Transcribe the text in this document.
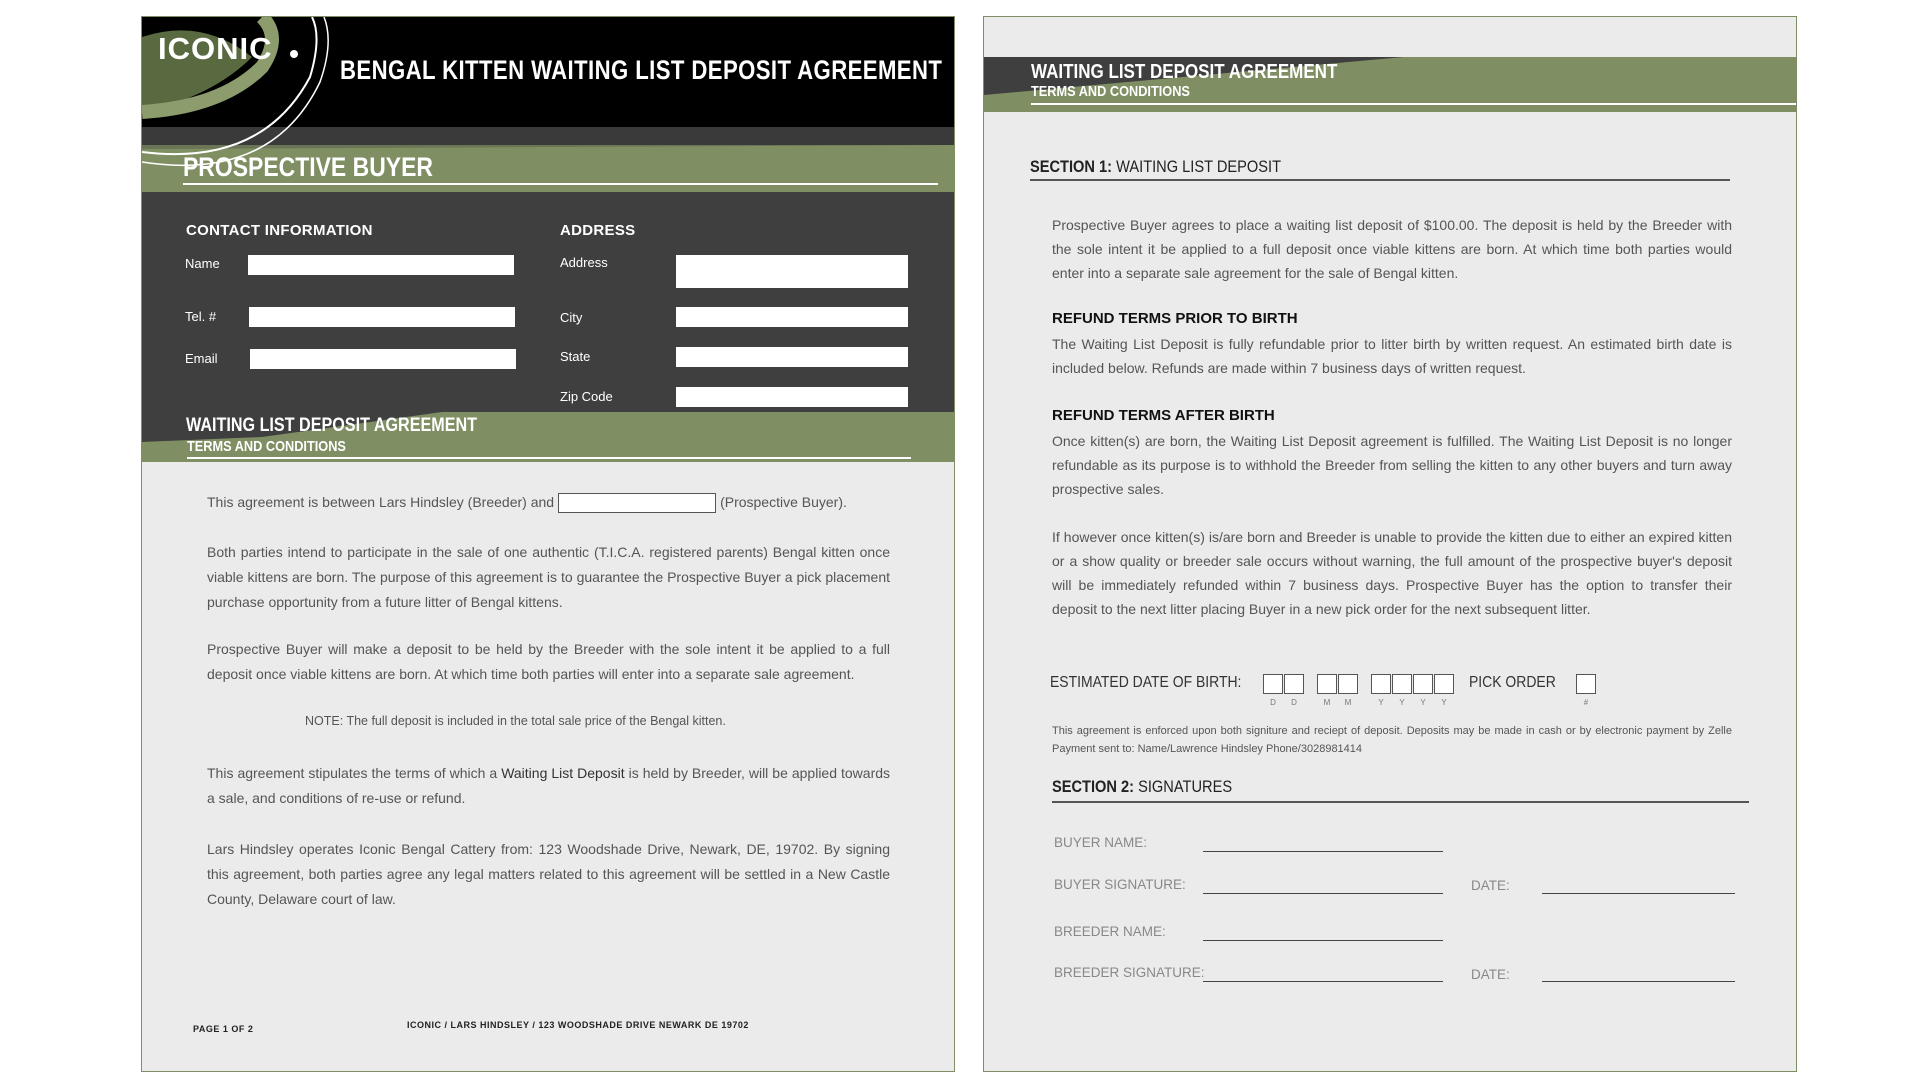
ICONIC
BENGAL KITTEN WAITING LIST DEPOSIT AGREEMENT
PROSPECTIVE BUYER
CONTACT INFORMATION	ADDRESS
Name
Tel. #
Email
Address
City
State
Zip Code
WAITING LIST DEPOSIT AGREEMENT
TERMS AND CONDITIONS
This agreement is between Lars Hindsley (Breeder) and	(Prospective Buyer).
Both parties intend to participate in the sale of one authentic (T.I.C.A. registered parents) Bengal kitten once viable kittens are born. The purpose of this agreement is to guarantee the Prospective Buyer a pick placement purchase opportunity from a future litter of Bengal kittens.
Prospective Buyer will make a deposit to be held by the Breeder with the sole intent it be applied to a full deposit once viable kittens are born. At which time both parties will enter into a separate sale agreement.
NOTE: The full deposit is included in the total sale price of the Bengal kitten.
This agreement stipulates the terms of which a Waiting List Deposit is held by Breeder, will be applied towards a sale, and conditions of re-use or refund.
Lars Hindsley operates Iconic Bengal Cattery from: 123 Woodshade Drive, Newark, DE, 19702. By signing this agreement, both parties agree any legal matters related to this agreement will be settled in a New Castle County, Delaware court of law.
PAGE 1 OF 2	ICONIC / LARS HINDSLEY / 123 WOODSHADE DRIVE NEWARK DE 19702
WAITING LIST DEPOSIT AGREEMENT
TERMS AND CONDITIONS
SECTION 1: WAITING LIST DEPOSIT
Prospective Buyer agrees to place a waiting list deposit of $100.00. The deposit is held by the Breeder with the sole intent it be applied to a full deposit once viable kittens are born. At which time both parties would enter into a separate sale agreement for the sale of Bengal kitten.
REFUND TERMS PRIOR TO BIRTH
The Waiting List Deposit is fully refundable prior to litter birth by written request. An estimated birth date is included below. Refunds are made within 7 business days of written request.
REFUND TERMS AFTER BIRTH
Once kitten(s) are born, the Waiting List Deposit agreement is fulfilled. The Waiting List Deposit is no longer refundable as its purpose is to withhold the Breeder from selling the kitten to any other buyers and turn away prospective sales.
If however once kitten(s) is/are born and Breeder is unable to provide the kitten due to either an expired kitten or a show quality or breeder sale occurs without warning, the full amount of the prospective buyer's deposit will be immediately refunded within 7 business days. Prospective Buyer has the option to transfer their deposit to the next litter placing Buyer in a new pick order for the next subsequent litter.
ESTIMATED DATE OF BIRTH:	PICK ORDER
#
This agreement is enforced upon both signiture and reciept of deposit. Deposits may be made in cash or by electronic payment by Zelle Payment sent to: Name/Lawrence Hindsley Phone/3028981414
SECTION 2: SIGNATURES
BUYER NAME:
BUYER SIGNATURE:	DATE:
BREEDER NAME:
BREEDER SIGNATURE:	DATE:
D	D	M	M	Y	Y	Y	Y
